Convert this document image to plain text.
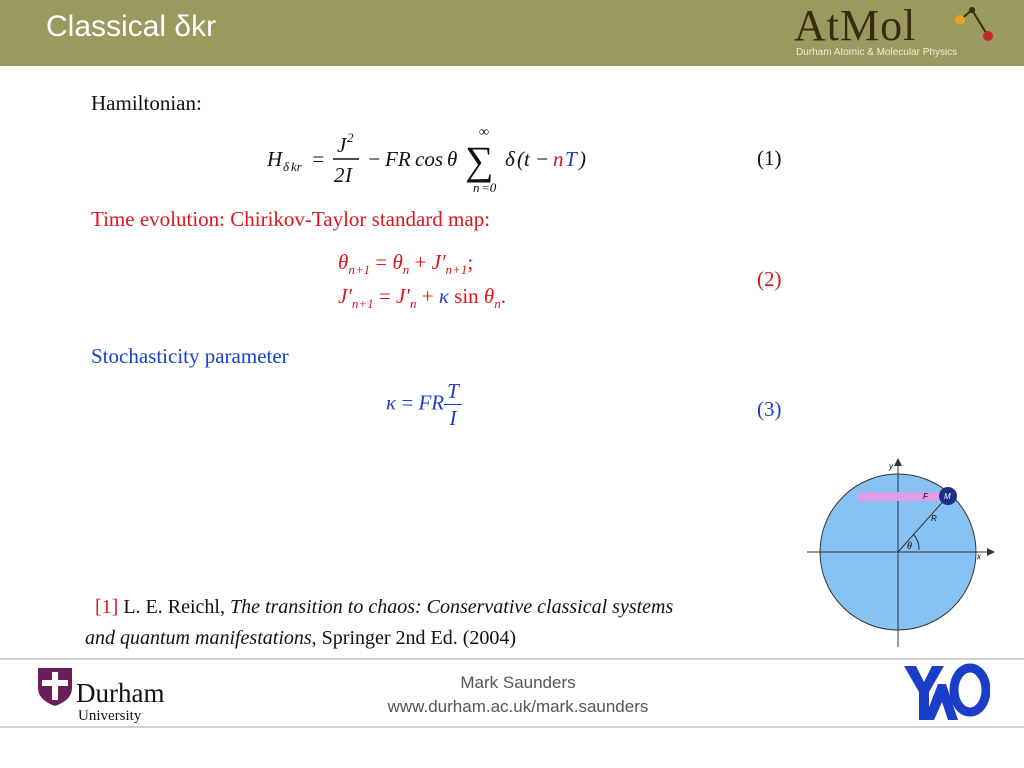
Classical δkr	AtMol
Durham Atomic & Molecular Physics
Hamiltonian:
Time evolution: Chirikov-Taylor standard map:
Stochasticity parameter
H δ kr =
J 2
2 I
− FR cos θ
∞
∑
n =0
δ ( t − n T )	(1)
$\theta_{n+1} = \theta_n + J'_{n+1}$;
$J'_{n+1} = J'_n + \kappa$ $\sin \theta_n$.
(2)
κ = FR $\frac{T}{I}$	(3)
y
x
F
R
θ
M
[1] L. E. Reichl, The transition to chaos: Conservative classical systems
and quantum manifestations, Springer 2nd Ed. (2004)
Durham
University
Mark Saunders
www.durham.ac.uk/mark.saunders
